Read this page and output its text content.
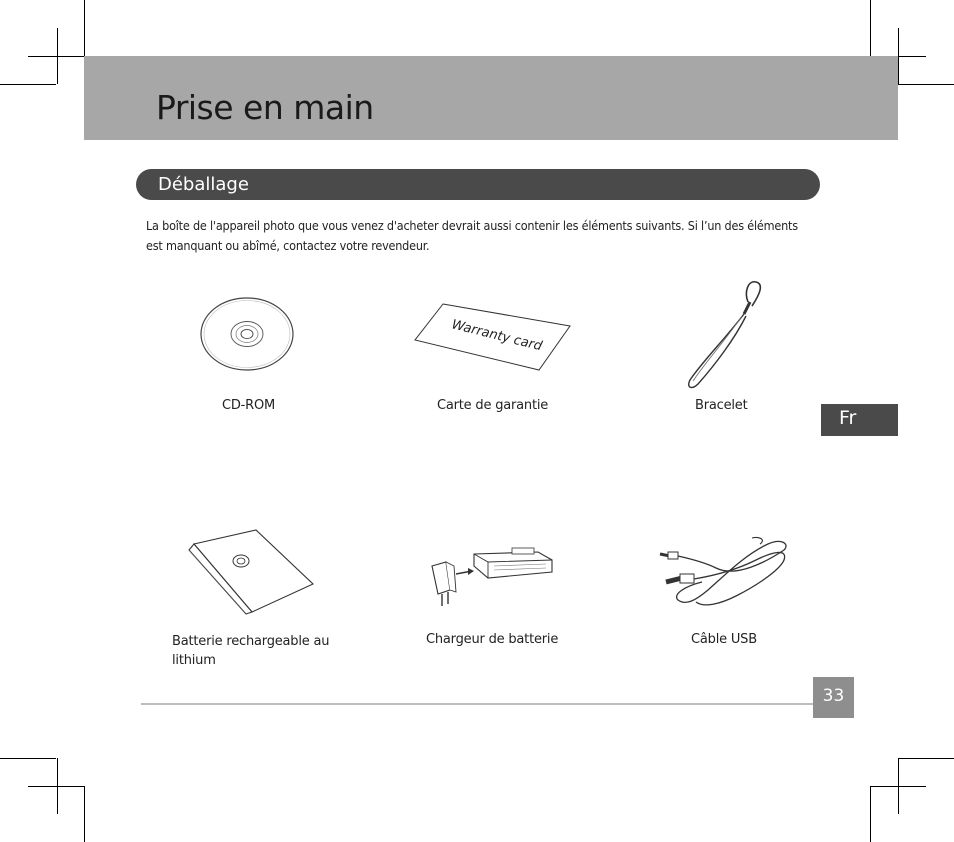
Prise en main
Déballage
La boîte de l'appareil photo que vous venez d'acheter devrait aussi contenir les éléments suivants. Si l’un des éléments est manquant ou abîmé, contactez votre revendeur.
Fr
CD-ROM
Warranty card
Carte de garantie	Bracelet
Batterie rechargeable au lithium
Chargeur de batterie	Câble USB
33
